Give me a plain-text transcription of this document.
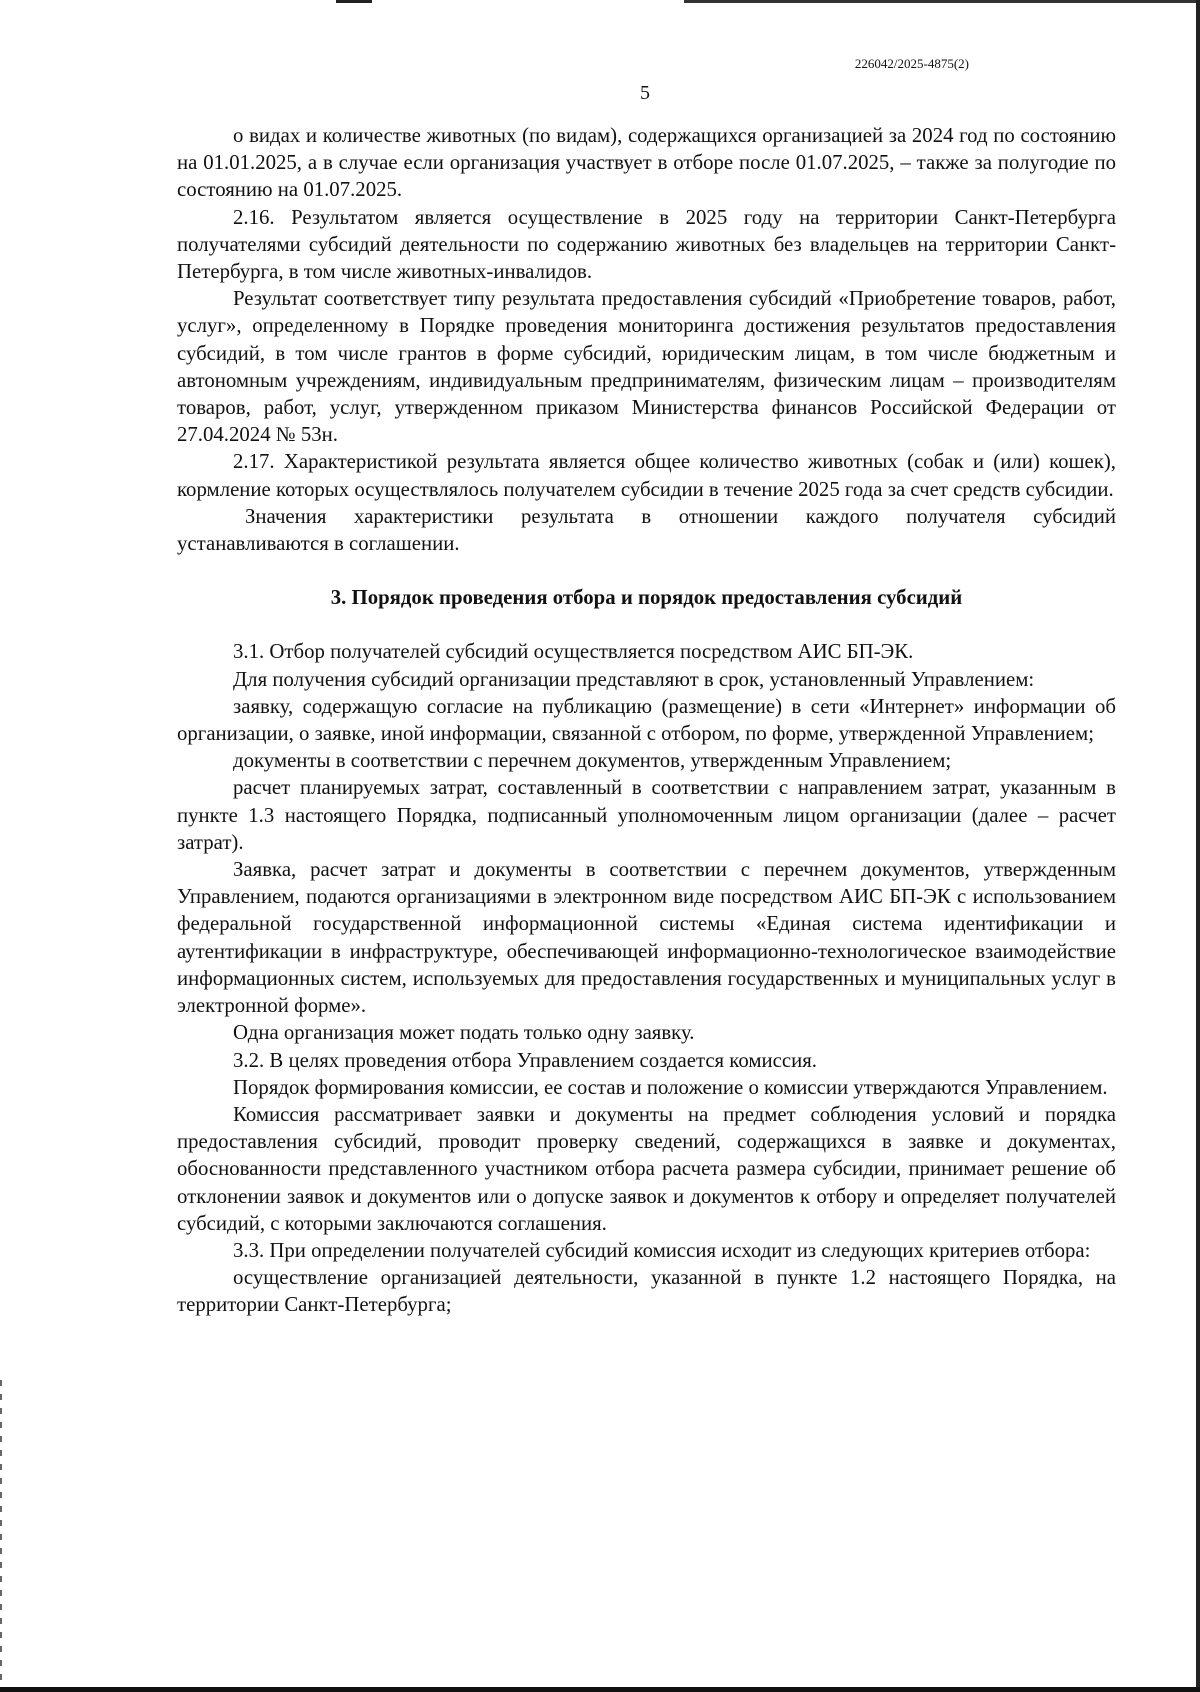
226042/2025-4875(2)
5

о видах и количестве животных (по видам), содержащихся организацией за 2024 год по состоянию на 01.01.2025, а в случае если организация участвует в отборе после 01.07.2025, – также за полугодие по состоянию на 01.07.2025.

2.16. Результатом является осуществление в 2025 году на территории Санкт-Петербурга получателями субсидий деятельности по содержанию животных без владельцев на территории Санкт-Петербурга, в том числе животных-инвалидов.

Результат соответствует типу результата предоставления субсидий «Приобретение товаров, работ, услуг», определенному в Порядке проведения мониторинга достижения результатов предоставления субсидий, в том числе грантов в форме субсидий, юридическим лицам, в том числе бюджетным и автономным учреждениям, индивидуальным предпринимателям, физическим лицам – производителям товаров, работ, услуг, утвержденном приказом Министерства финансов Российской Федерации от 27.04.2024 № 53н.

2.17. Характеристикой результата является общее количество животных (собак и (или) кошек), кормление которых осуществлялось получателем субсидии в течение 2025 года за счет средств субсидии.

Значения характеристики результата в отношении каждого получателя субсидий устанавливаются в соглашении.

3. Порядок проведения отбора и порядок предоставления субсидий

3.1. Отбор получателей субсидий осуществляется посредством АИС БП-ЭК.

Для получения субсидий организации представляют в срок, установленный Управлением:

заявку, содержащую согласие на публикацию (размещение) в сети «Интернет» информации об организации, о заявке, иной информации, связанной с отбором, по форме, утвержденной Управлением;

документы в соответствии с перечнем документов, утвержденным Управлением;

расчет планируемых затрат, составленный в соответствии с направлением затрат, указанным в пункте 1.3 настоящего Порядка, подписанный уполномоченным лицом организации (далее – расчет затрат).

Заявка, расчет затрат и документы в соответствии с перечнем документов, утвержденным Управлением, подаются организациями в электронном виде посредством АИС БП-ЭК с использованием федеральной государственной информационной системы «Единая система идентификации и аутентификации в инфраструктуре, обеспечивающей информационно-технологическое взаимодействие информационных систем, используемых для предоставления государственных и муниципальных услуг в электронной форме».

Одна организация может подать только одну заявку.

3.2. В целях проведения отбора Управлением создается комиссия.

Порядок формирования комиссии, ее состав и положение о комиссии утверждаются Управлением.

Комиссия рассматривает заявки и документы на предмет соблюдения условий и порядка предоставления субсидий, проводит проверку сведений, содержащихся в заявке и документах, обоснованности представленного участником отбора расчета размера субсидии, принимает решение об отклонении заявок и документов или о допуске заявок и документов к отбору и определяет получателей субсидий, с которыми заключаются соглашения.

3.3. При определении получателей субсидий комиссия исходит из следующих критериев отбора:

осуществление организацией деятельности, указанной в пункте 1.2 настоящего Порядка, на территории Санкт-Петербурга;
